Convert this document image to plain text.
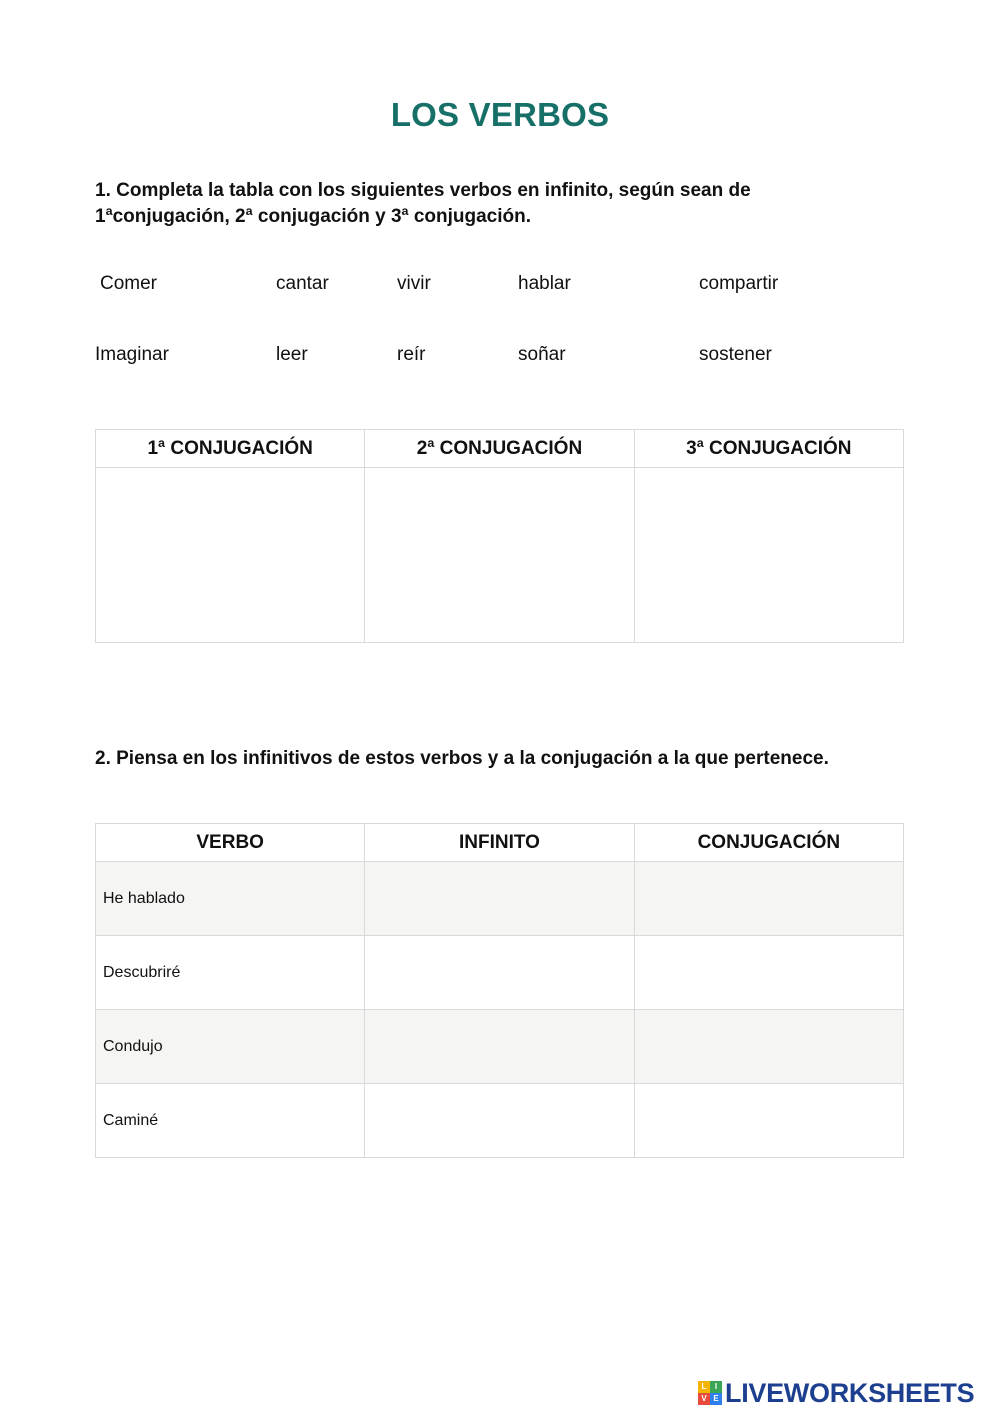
LOS VERBOS
1. Completa la tabla con los siguientes verbos en infinito, según sean de
1ªconjugación, 2ª conjugación y 3ª conjugación.
Comer	cantar	vivir	hablar	compartir
Imaginar	leer	reír	soñar	sostener
1ª CONJUGACIÓN	2ª CONJUGACIÓN	3ª CONJUGACIÓN

2. Piensa en los infinitivos de estos verbos y a la conjugación a la que pertenece.
VERBO	INFINITO	CONJUGACIÓN
He hablado		
Descubriré		
Condujo		
Caminé		
L	I
V E LIVEWORKSHEETS
